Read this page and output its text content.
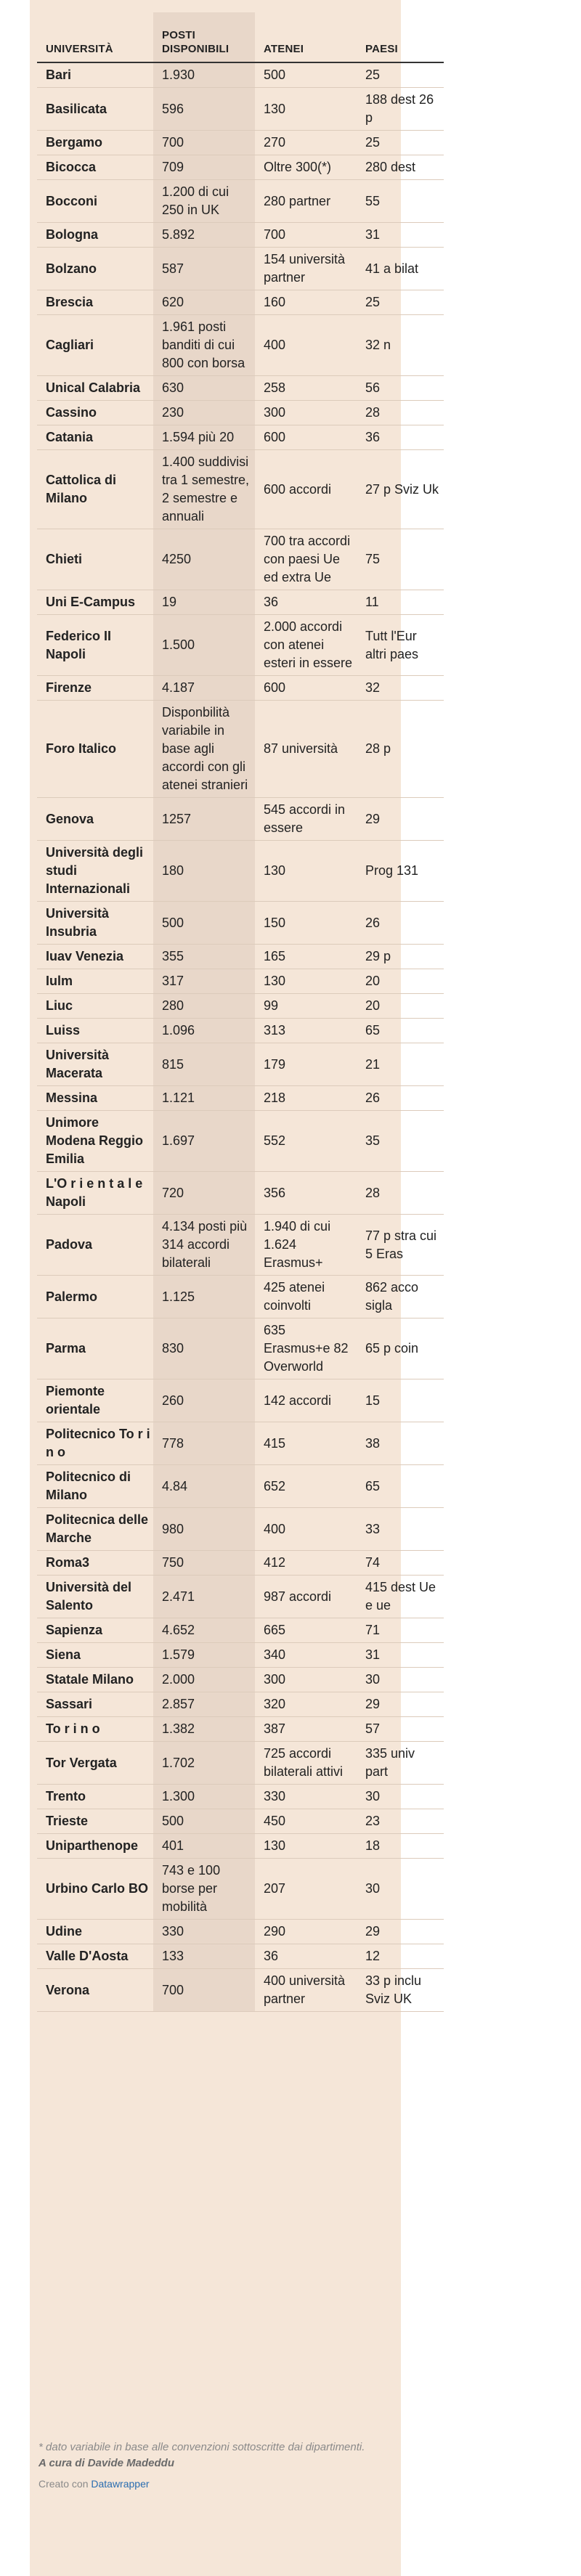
UNIVERSITÀ	POSTI DISPONIBILI	ATENEI	PAESI
Bari	1.930	500	25
Basilicata	596	130	188 dest 26 p
Bergamo	700	270	25
Bicocca	709	Oltre 300(*)	280 dest
Bocconi	1.200 di cui 250 in UK	280 partner	55
Bologna	5.892	700	31
Bolzano	587	154 università partner	41 a bilat
Brescia	620	160	25
Cagliari	1.961 posti banditi di cui 800 con borsa	400	32 n
Unical Calabria	630	258	56
Cassino	230	300	28
Catania	1.594 più 20	600	36
Cattolica di Milano	1.400 suddivisi tra 1 semestre, 2 semestre e annuali	600 accordi	27 p Sviz Uk
Chieti	4250	700 tra accordi con paesi Ue ed extra Ue	75
Uni E-Campus	19	36	11
Federico II Napoli	1.500	2.000 accordi con atenei esteri in essere	Tutt l'Eur altri paes
Firenze	4.187	600	32
Foro Italico	Disponbilità variabile in base agli accordi con gli atenei stranieri	87 università	28 p
Genova	1257	545 accordi in essere	29
Università degli studi Internazionali	180	130	Prog 131
Università Insubria	500	150	26
Iuav Venezia	355	165	29 p
Iulm	317	130	20
Liuc	280	99	20
Luiss	1.096	313	65
Università Macerata	815	179	21
Messina	1.121	218	26
Unimore Modena Reggio Emilia	1.697	552	35
L'O r i e n t a l e Napoli	720	356	28
Padova	4.134 posti più 314 accordi bilaterali	1.940 di cui 1.624 Erasmus+	77 p stra cui 5 Eras
Palermo	1.125	425 atenei coinvolti	862 acco sigla
Parma	830	635 Erasmus+e 82 Overworld	65 p coin
Piemonte orientale	260	142 accordi	15
Politecnico To r i n o	778	415	38
Politecnico di Milano	4.84	652	65
Politecnica delle Marche	980	400	33
Roma3	750	412	74
Università del Salento	2.471	987 accordi	415 dest Ue e ue
Sapienza	4.652	665	71
Siena	1.579	340	31
Statale Milano	2.000	300	30
Sassari	2.857	320	29
To r i n o	1.382	387	57
Tor Vergata	1.702	725 accordi bilaterali attivi	335 univ part
Trento	1.300	330	30
Trieste	500	450	23
Uniparthenope	401	130	18
Urbino Carlo BO	743 e 100 borse per mobilità	207	30
Udine	330	290	29
Valle D'Aosta	133	36	12
Verona	700	400 università partner	33 p inclu Sviz UK
* dato variabile in base alle convenzioni sottoscritte dai dipartimenti.
A cura di Davide Madeddu
Creato con Datawrapper
